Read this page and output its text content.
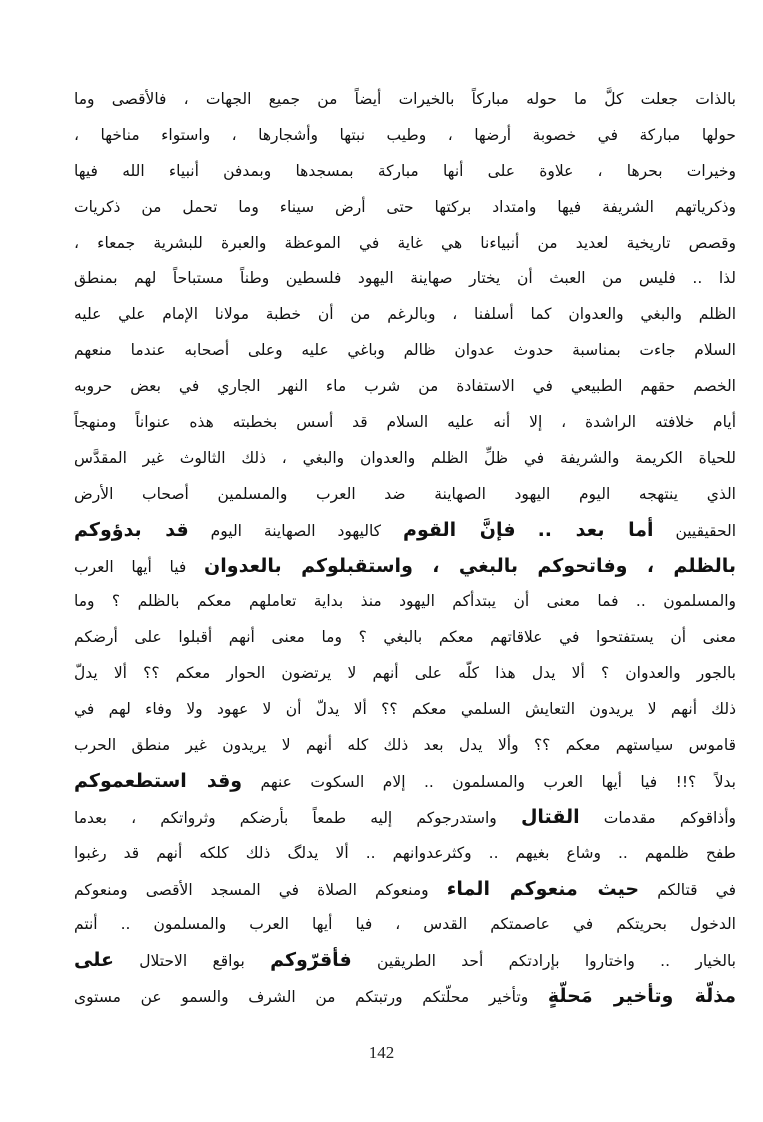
بالذات جعلت كلَّ ما حوله مباركاً بالخيرات أيضاً من جميع الجهات ، فالأقصى وما
حولها مباركة في خصوبة أرضها ، وطيب نبتها وأشجارها ، واستواء مناخها ،
وخيرات بحرها ، علاوة على أنها مباركة بمسجدها وبمدفن أنبياء الله فيها
وذكرياتهم الشريفة فيها وامتداد بركتها حتى أرض سيناء وما تحمل من ذكريات
وقصص تاريخية لعديد من أنبياءنا هي غاية في الموعظة والعبرة للبشرية جمعاء ،
لذا .. فليس من العبث أن يختار صهاينة اليهود فلسطين وطناً مستباحاً لهم بمنطق
الظلم والبغي والعدوان كما أسلفنا ، وبالرغم من أن خطبة مولانا الإمام علي عليه
السلام جاءت بمناسبة حدوث عدوان ظالم وباغي عليه وعلى أصحابه عندما منعهم
الخصم حقهم الطبيعي في الاستفادة من شرب ماء النهر الجاري في بعض حروبه
أيام خلافته الراشدة ، إلا أنه عليه السلام قد أسس بخطبته هذه عنواناً ومنهجاً
للحياة الكريمة والشريفة في ظلِّ الظلم والعدوان والبغي ، ذلك الثالوث غير المقدَّس
الذي ينتهجه اليوم اليهود الصهاينة ضد العرب والمسلمين أصحاب الأرض
الحقيقيين أما بعد .. فإنَّ القوم كاليهود الصهاينة اليوم قد بدؤوكم
بالظلم ، وفاتحوكم بالبغي ، واستقبلوكم بالعدوان فيا أيها العرب
والمسلمون .. فما معنى أن يبتدأكم اليهود منذ بداية تعاملهم معكم بالظلم ؟ وما
معنى أن يستفتحوا في علاقاتهم معكم بالبغي ؟ وما معنى أنهم أقبلوا على أرضكم
بالجور والعدوان ؟ ألا يدل هذا كلّه على أنهم لا يرتضون الحوار معكم ؟؟ ألا يدلّ
ذلك أنهم لا يريدون التعايش السلمي معكم ؟؟ ألا يدلّ أن لا عهود ولا وفاء لهم في
قاموس سياستهم معكم ؟؟ وألا يدل بعد ذلك كله أنهم لا يريدون غير منطق الحرب
بدلاً ؟!! فيا أيها العرب والمسلمون .. إلام السكوت عنهم وقد استطعموكم
وأذاقوكم مقدمات القتال واستدرجوكم إليه طمعاً بأرضكم وثرواتكم ، بعدما
طفح ظلمهم .. وشاع بغيهم .. وكثرعدوانهم .. ألا يدلگ ذلك كلكه أنهم قد رغبوا
في قتالكم حيث منعوكم الماء ومنعوكم الصلاة في المسجد الأقصى ومنعوكم
الدخول بحريتكم في عاصمتكم القدس ، فيا أيها العرب والمسلمون .. أنتم
بالخيار .. واختاروا بإرادتكم أحد الطريقين فأقرّوكم بواقع الاحتلال على
مذلّة وتأخير مَحلّةٍ وتأخير محلّتكم ورتبتكم من الشرف والسمو عن مستوى
142
